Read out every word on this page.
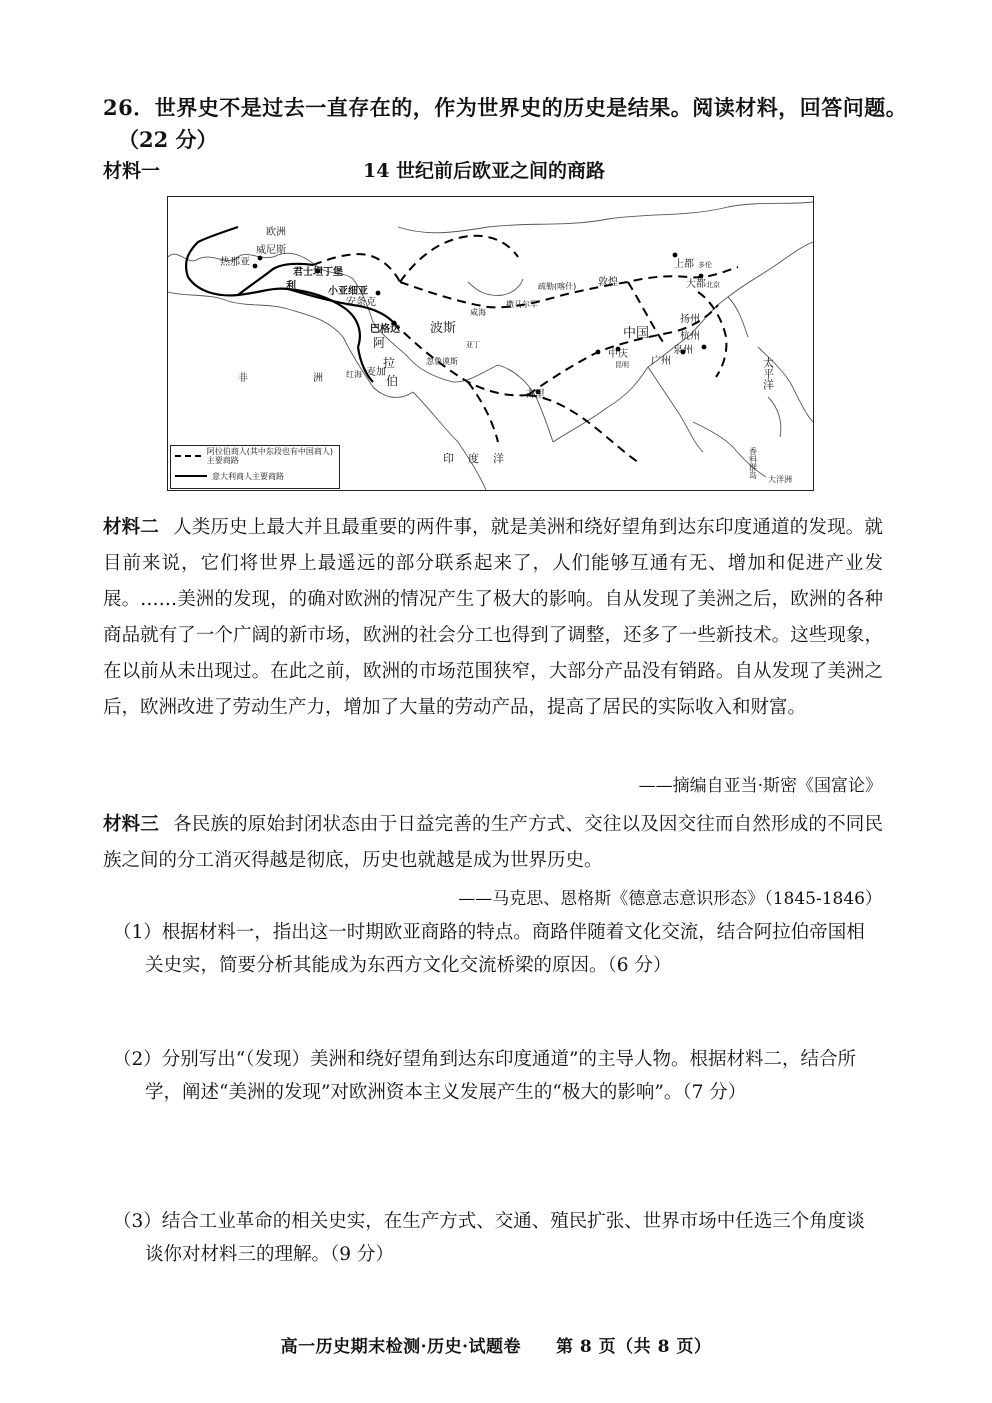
26．世界史不是过去一直存在的，作为世界史的历史是结果。阅读材料，回答问题。
（22 分）
材料一	14 世纪前后欧亚之间的商路
欧洲
威尼斯
热那亚
利
君士坦丁堡
小亚细亚
安条克
巴格达 波斯
阿
拉
伯
麦加
非	洲	红海
忽鲁谟斯
撒马尔罕
咸海
疏勒(喀什) 敦煌
上都 多伦
大都 北京
扬州
杭州
泉州
广州
中庆
昆明
中国
古里
印度洋
太平洋
香料群岛
大洋洲
亚丁
阿拉伯商人(其中东段也有中国商人)主要商路
意大利商人主要商路
材料二 人类历史上最大并且最重要的两件事，就是美洲和绕好望角到达东印度通道的发现。就目前来说，它们将世界上最遥远的部分联系起来了，人们能够互通有无、增加和促进产业发展。……美洲的发现，的确对欧洲的情况产生了极大的影响。自从发现了美洲之后，欧洲的各种商品就有了一个广阔的新市场，欧洲的社会分工也得到了调整，还多了一些新技术。这些现象，在以前从未出现过。在此之前，欧洲的市场范围狭窄，大部分产品没有销路。自从发现了美洲之后，欧洲改进了劳动生产力，增加了大量的劳动产品，提高了居民的实际收入和财富。
——摘编自亚当·斯密《国富论》
材料三 各民族的原始封闭状态由于日益完善的生产方式、交往以及因交往而自然形成的不同民族之间的分工消灭得越是彻底，历史也就越是成为世界历史。
——马克思、恩格斯《德意志意识形态》（1845-1846）
（1）根据材料一，指出这一时期欧亚商路的特点。商路伴随着文化交流，结合阿拉伯帝国相关史实，简要分析其能成为东西方文化交流桥梁的原因。（6 分）
（2）分别写出“（发现）美洲和绕好望角到达东印度通道”的主导人物。根据材料二，结合所学，阐述“美洲的发现”对欧洲资本主义发展产生的“极大的影响”。（7 分）
（3）结合工业革命的相关史实，在生产方式、交通、殖民扩张、世界市场中任选三个角度谈谈你对材料三的理解。（9 分）
高一历史期末检测·历史·试题卷　　第 8 页（共 8 页）
